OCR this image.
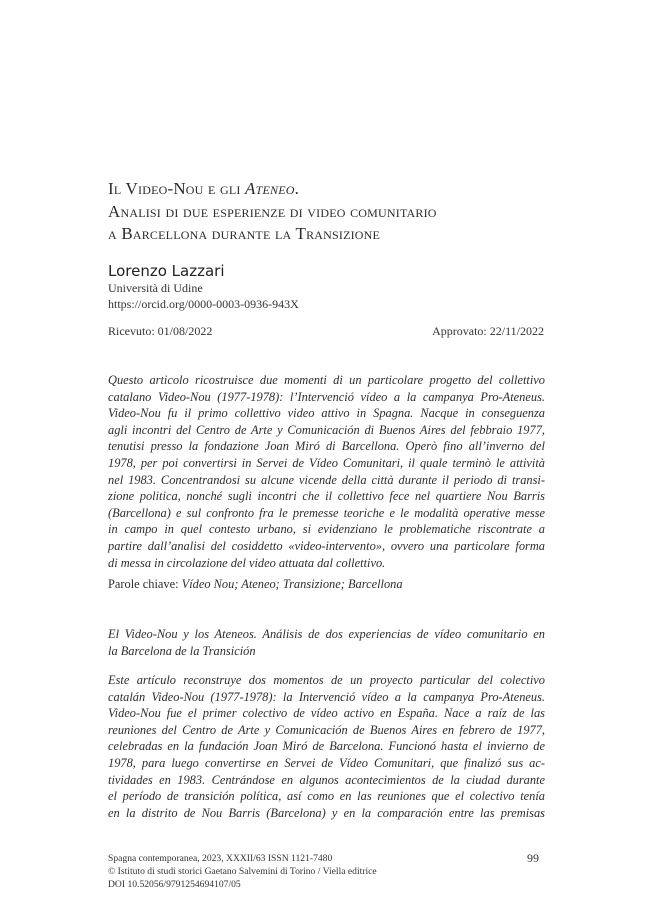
Il Video-Nou e gli Ateneo.
Analisi di due esperienze di video comunitario
a Barcellona durante la Transizione
Lorenzo Lazzari
Università di Udine
https://orcid.org/0000-0003-0936-943X
Ricevuto: 01/08/2022	Approvato: 22/11/2022
Questo articolo ricostruisce due momenti di un particolare progetto del collettivo
catalano Video-Nou (1977-1978): l’Intervenció vídeo a la campanya Pro-Ateneus.
Video-Nou fu il primo collettivo video attivo in Spagna. Nacque in conseguenza
agli incontri del Centro de Arte y Comunicación di Buenos Aires del febbraio 1977,
tenutisi presso la fondazione Joan Miró di Barcellona. Operò fino all’inverno del
1978, per poi convertirsi in Servei de Vídeo Comunitari, il quale terminò le attività
nel 1983. Concentrandosi su alcune vicende della città durante il periodo di transi-
zione politica, nonché sugli incontri che il collettivo fece nel quartiere Nou Barris
(Barcellona) e sul confronto fra le premesse teoriche e le modalità operative messe
in campo in quel contesto urbano, si evidenziano le problematiche riscontrate a
partire dall’analisi del cosiddetto «video-intervento», ovvero una particolare forma
di messa in circolazione del video attuata dal collettivo.
Parole chiave: Vídeo Nou; Ateneo; Transizione; Barcellona
El Video-Nou y los Ateneos. Análisis de dos experiencias de vídeo comunitario en
la Barcelona de la Transición
Este artículo reconstruye dos momentos de un proyecto particular del colectivo
catalán Video-Nou (1977-1978): la Intervenció vídeo a la campanya Pro-Ateneus.
Video-Nou fue el primer colectivo de vídeo activo en España. Nace a raíz de las
reuniones del Centro de Arte y Comunicación de Buenos Aires en febrero de 1977,
celebradas en la fundación Joan Miró de Barcelona. Funcionó hasta el invierno de
1978, para luego convertirse en Servei de Vídeo Comunitari, que finalizó sus ac-
tividades en 1983. Centrándose en algunos acontecimientos de la ciudad durante
el período de transición política, así como en las reuniones que el colectivo tenía
en la distrito de Nou Barris (Barcelona) y en la comparación entre las premisas
Spagna contemporanea, 2023, XXXII/63 ISSN 1121-7480
© Istituto di studi storici Gaetano Salvemini di Torino / Viella editrice
DOI 10.52056/9791254694107/05
99
